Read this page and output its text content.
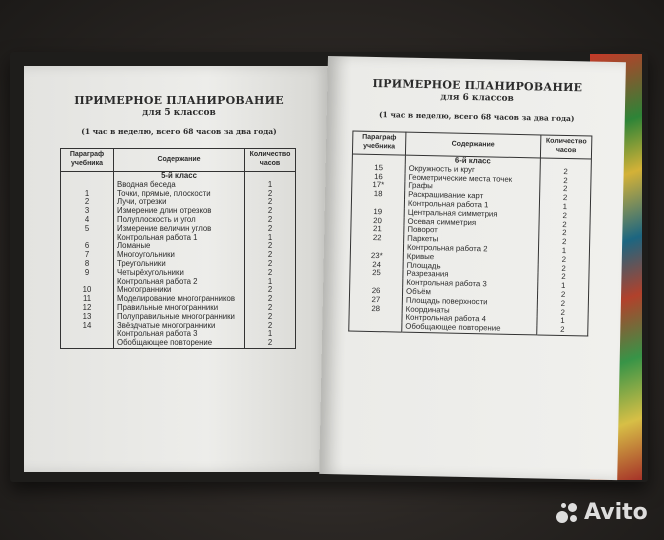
ПРИМЕРНОЕ ПЛАНИРОВАНИЕ
для 5 классов
(1 час в неделю, всего 68 часов за два года)
Параграф учебника	Содержание	Количество часов
	5-й класс	
	Вводная беседа	1
1	Точки, прямые, плоскости	2
2	Лучи, отрезки	2
3	Измерение длин отрезков	2
4	Полуплоскость и угол	2
5	Измерение величин углов	2
	Контрольная работа 1	1
6	Ломаные	2
7	Многоугольники	2
8	Треугольники	2
9	Четырёхугольники	2
	Контрольная работа 2	1
10	Многогранники	2
11	Моделирование многогранников	2
12	Правильные многогранники	2
13	Полуправильные многогранники	2
14	Звёздчатые многогранники	2
	Контрольная работа 3	1
	Обобщающее повторение	2
ПРИМЕРНОЕ ПЛАНИРОВАНИЕ
для 6 классов
(1 час в неделю, всего 68 часов за два года)
Параграф учебника	Содержание	Количество часов
	6-й класс	
15	Окружность и круг	2
16	Геометрические места точек	2
17*	Графы	2
18	Раскрашивание карт	2
	Контрольная работа 1	1
19	Центральная симметрия	2
20	Осевая симметрия	2
21	Поворот	2
22	Паркеты	2
	Контрольная работа 2	1
23*	Кривые	2
24	Площадь	2
25	Разрезания	2
	Контрольная работа 3	1
26	Объём	2
27	Площадь поверхности	2
28	Координаты	2
	Контрольная работа 4	1
	Обобщающее повторение	2
Avito
